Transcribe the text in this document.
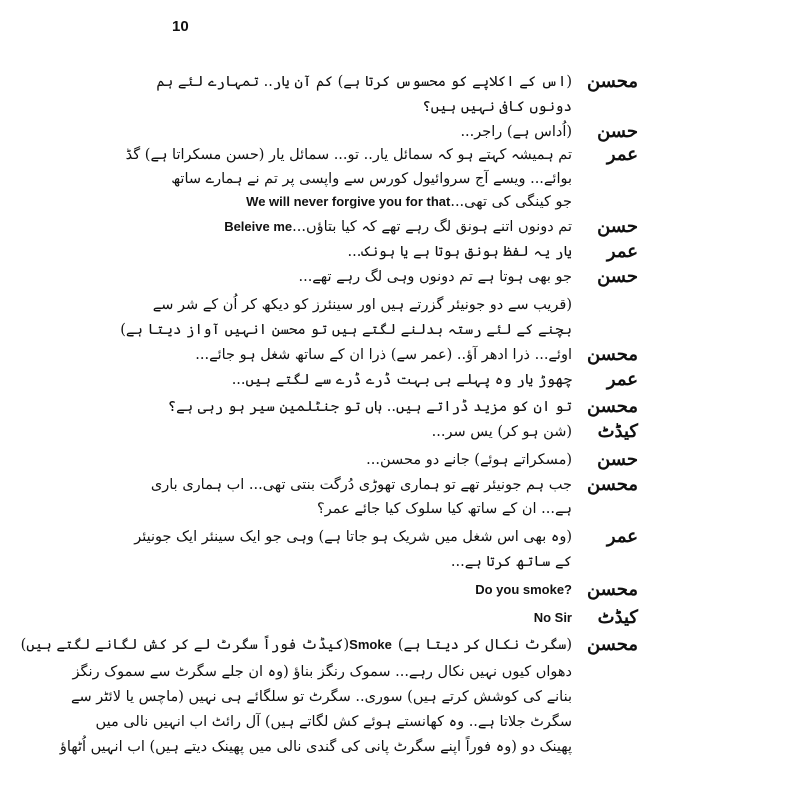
10
محسن
(اس کے اکلاپے کو محسوس کرتا ہے) کم آن یار.. تمہارے لئے ہم
دونوں کافی نہیں ہیں؟
حسن
(اُداس ہے) راجر...
عمر
تم ہمیشہ کہتے ہو کہ سمائل یار.. تو... سمائل یار (حسن مسکراتا ہے) گڈ
بوائے... ویسے آج سروائیول کورس سے واپسی پر تم نے ہمارے ساتھ
جو کینگی کی تھی...We will never forgive you for that
حسن
تم دونوں اتنے ہونق لگ رہے تھے کہ کیا بتاؤں...Beleive me
عمر
یار یہ لفظ ہونق ہوتا ہے یا ہونک...
حسن
جو بھی ہوتا ہے تم دونوں وہی لگ رہے تھے...
(قریب سے دو جونیئر گزرتے ہیں اور سینئرز کو دیکھ کر اُن کے شر سے
بچنے کے لئے رستہ بدلنے لگتے ہیں تو محسن انہیں آواز دیتا ہے)
محسن
اوئے... ذرا ادھر آؤ.. (عمر سے) ذرا ان کے ساتھ شغل ہو جائے...
عمر
چھوڑ یار وہ پہلے ہی بہت ڈرے ڈرے سے لگتے ہیں...
محسن
تو ان کو مزید ڈراتے ہیں.. ہاں تو جنٹلمین سیر ہو رہی ہے؟
کیڈٹ
(شن ہو کر) یس سر...
حسن
(مسکراتے ہوئے) جانے دو محسن...
محسن
جب ہم جونیئر تھے تو ہماری تھوڑی دُرگت بنتی تھی... اب ہماری باری
ہے... ان کے ساتھ کیا سلوک کیا جائے عمر؟
عمر
(وہ بھی اس شغل میں شریک ہو جاتا ہے) وہی جو ایک سینئر ایک جونیئر
کے ساتھ کرتا ہے...
محسن
Do you smoke?
کیڈٹ
No Sir
محسن
(سگرٹ نکال کر دیتا ہے)Smoke(کیڈٹ فوراً سگرٹ لے کر کش لگانے لگتے ہیں)
دھواں کیوں نہیں نکال رہے... سموک رنگز بناؤ (وہ ان جلے سگرٹ سے سموک رنگز
بنانے کی کوشش کرتے ہیں) سوری.. سگرٹ تو سلگائے ہی نہیں (ماچس یا لائٹر سے
سگرٹ جلاتا ہے.. وہ کھانستے ہوئے کش لگاتے ہیں) آل رائٹ اب انہیں نالی میں
پھینک دو (وہ فوراً اپنے سگرٹ پانی کی گندی نالی میں پھینک دیتے ہیں) اب انہیں اُٹھاؤ
